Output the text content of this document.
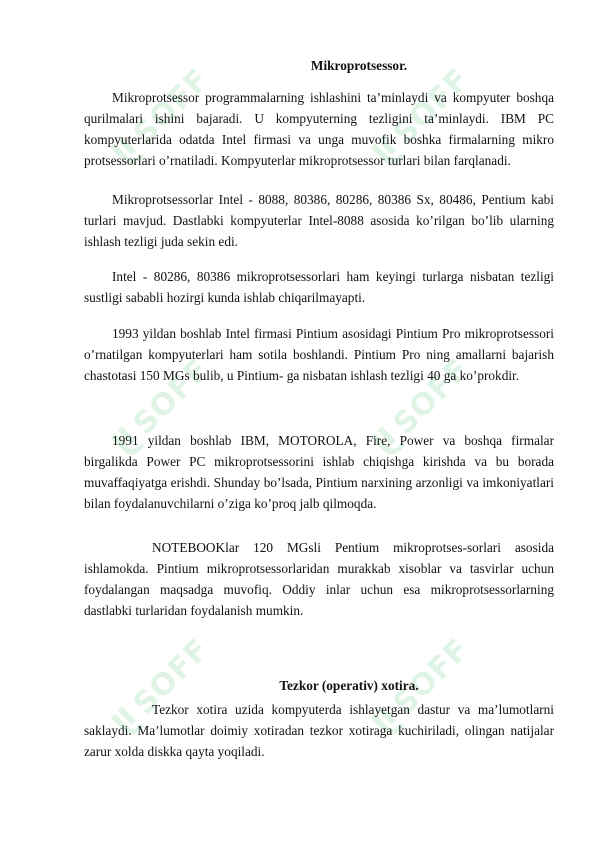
SOFF	SOFF
SOFF	SOFF
SOFF	SOFF
Mikroprotsessor.

Mikroprotsessor programmalarning ishlashini ta’minlaydi va kompyuter boshqa qurilmalari ishini bajaradi. U kompyuterning tezligini ta’minlaydi. IBM PC kompyuterlarida odatda Intel firmasi va unga muvofik boshka firmalarning mikro protsessorlari o’rnatiladi. Kompyuterlar mikroprotsessor turlari bilan farqlanadi.

Mikroprotsessorlar Intel - 8088, 80386, 80286, 80386 Sx, 80486, Pentium kabi turlari mavjud. Dastlabki kompyuterlar Intel-8088 asosida ko’rilgan bo’lib ularning ishlash tezligi juda sekin edi.

Intel - 80286, 80386 mikroprotsessorlari ham keyingi turlarga nisbatan tezligi sustligi sababli hozirgi kunda ishlab chiqarilmayapti.

1993 yildan boshlab Intel firmasi Pintium asosidagi Pintium Pro mikroprotsessori o’rnatilgan kompyuterlari ham sotila boshlandi. Pintium Pro ning amallarni bajarish chastotasi 150 MGs bulib, u Pintium- ga nisbatan ishlash tezligi 40 ga ko’prokdir.

1991 yildan boshlab IBM, MOTOROLA, Fire, Power va boshqa firmalar birgalikda Power PC mikroprotsessorini ishlab chiqishga kirishda va bu borada muvaffaqiyatga erishdi. Shunday bo’lsada, Pintium narxining arzonligi va imkoniyatlari bilan foydalanuvchilarni o’ziga ko’proq jalb qilmoqda.

NOTEBOOKlar 120 MGsli Pentium mikroprotses-sorlari asosida ishlamokda. Pintium mikroprotsessorlaridan murakkab xisoblar va tasvirlar uchun foydalangan maqsadga muvofiq. Oddiy inlar uchun esa mikroprotsessorlarning dastlabki turlaridan foydalanish mumkin.

Tezkor (operativ) xotira.

Tezkor xotira uzida kompyuterda ishlayetgan dastur va ma’lumotlarni saklaydi. Ma’lumotlar doimiy xotiradan tezkor xotiraga kuchiriladi, olingan natijalar zarur xolda diskka qayta yoqiladi.
